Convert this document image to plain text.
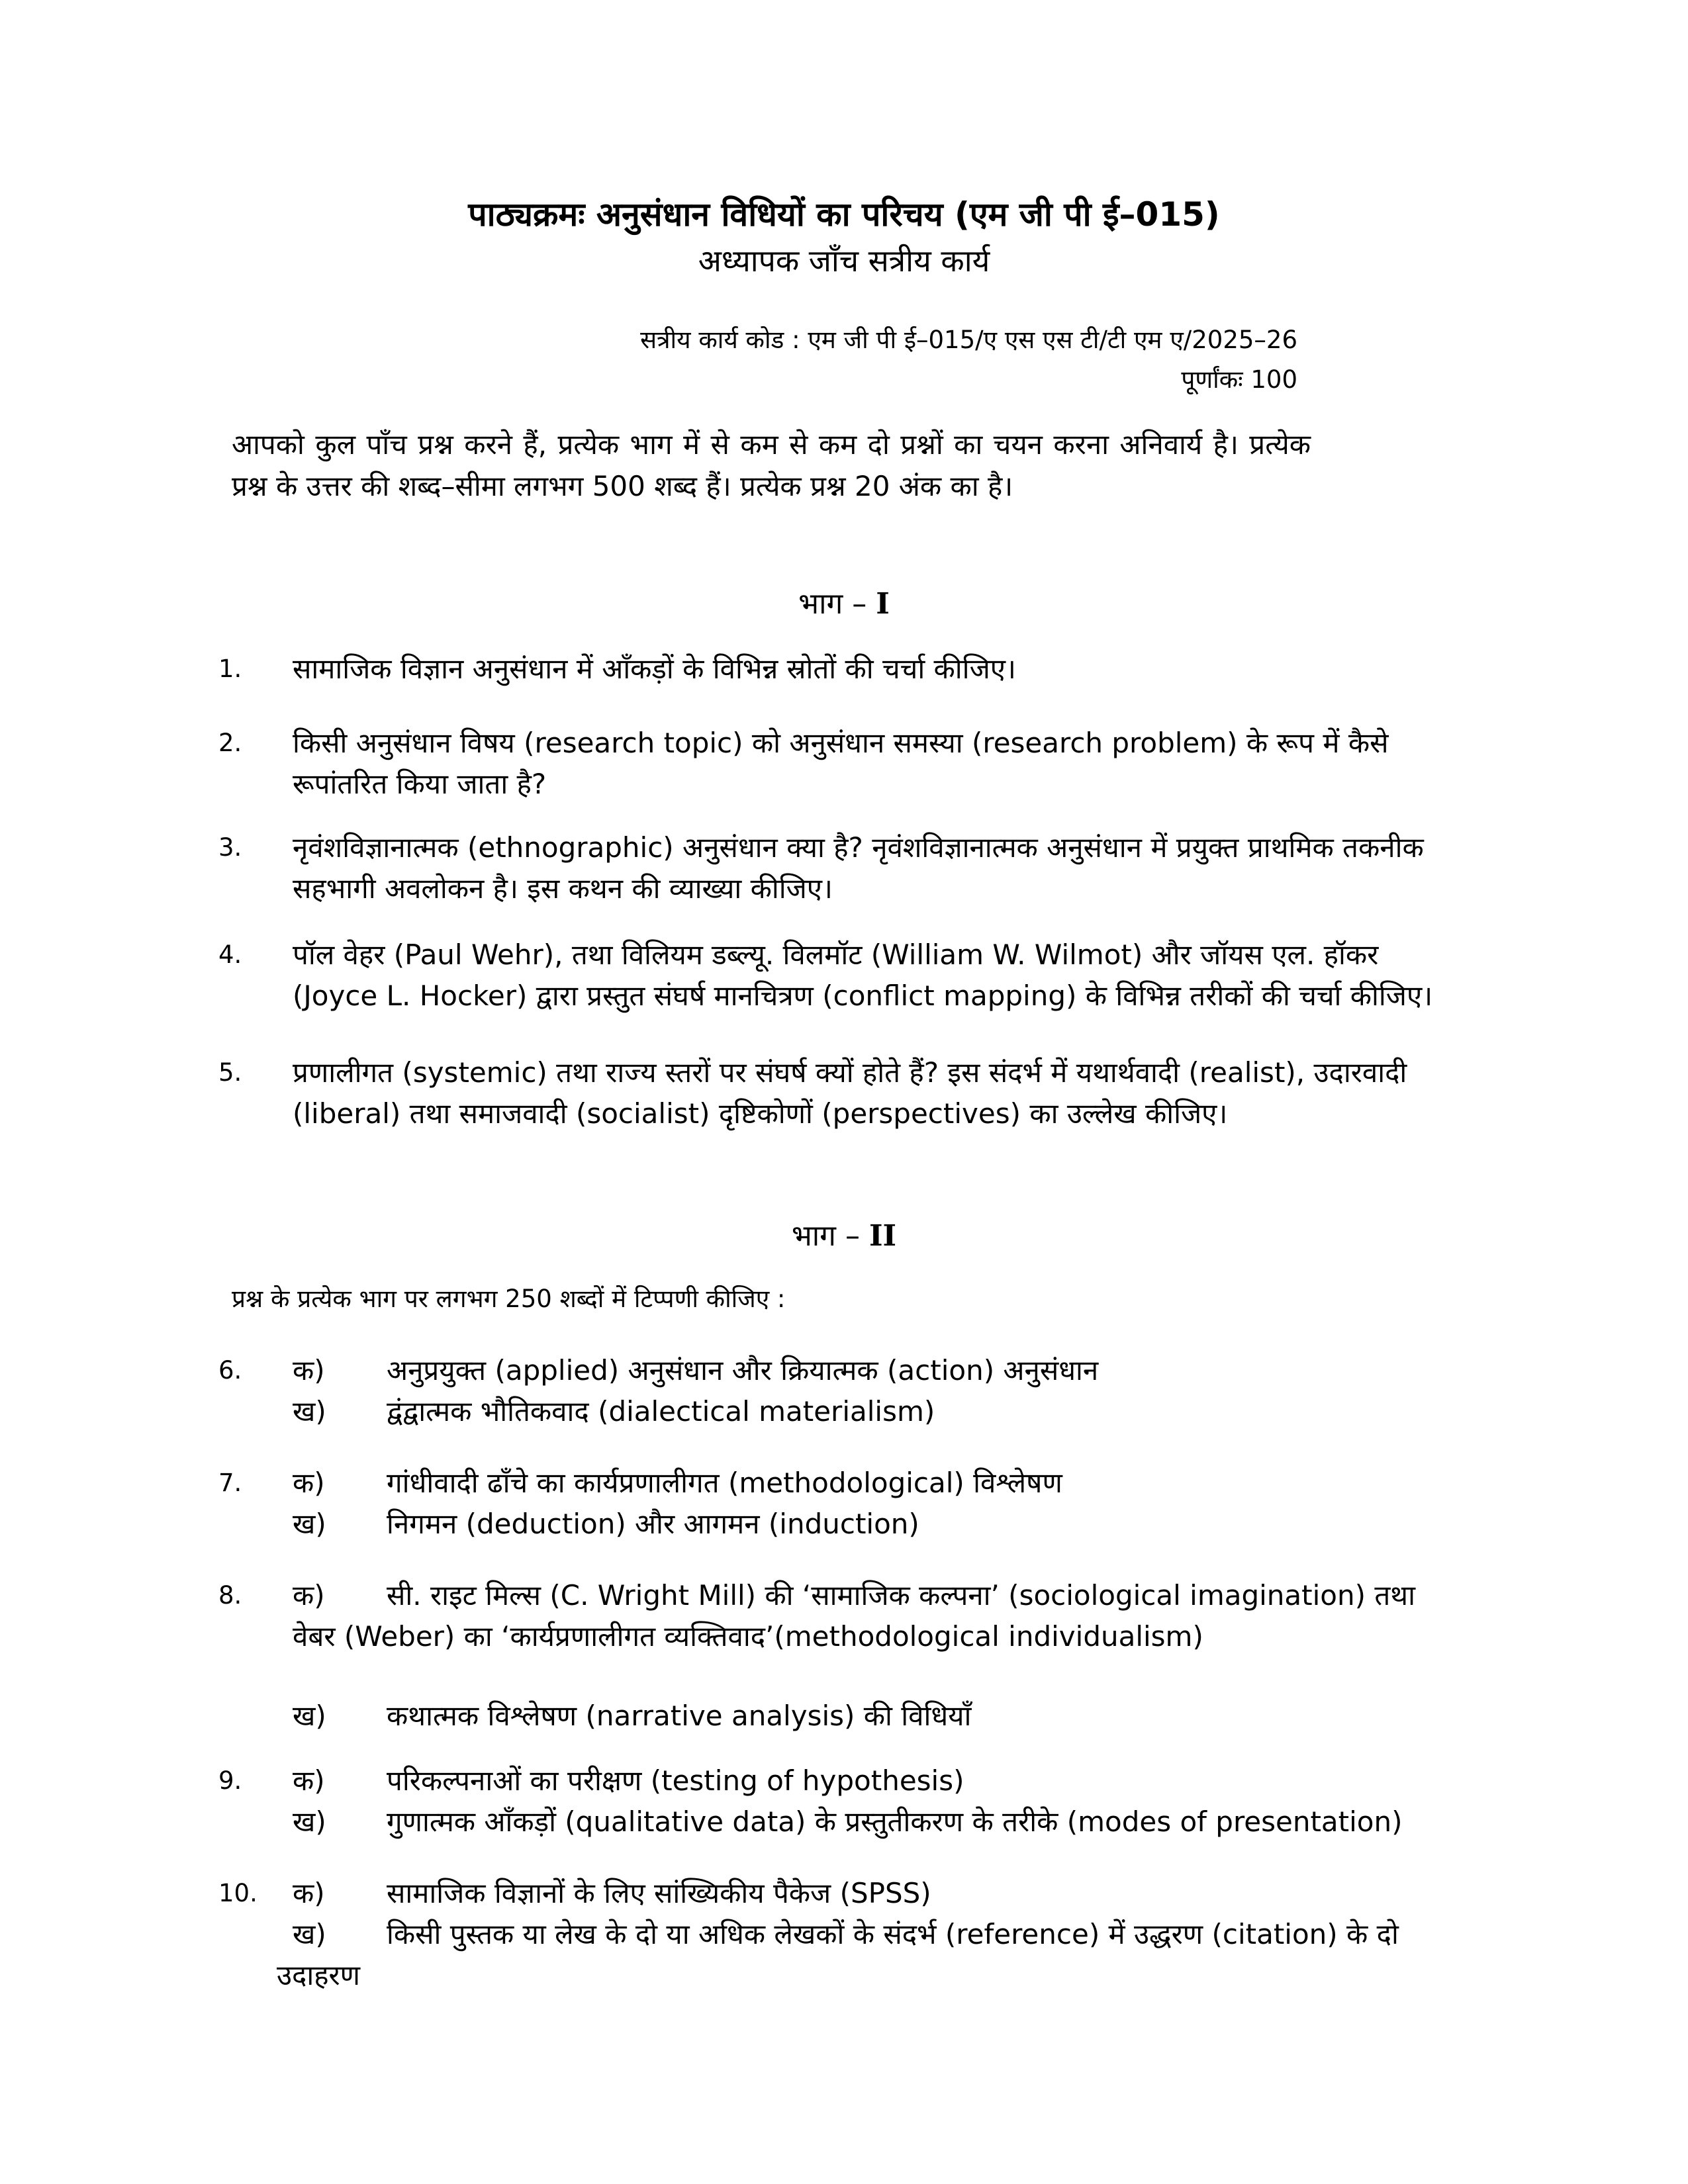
पाठ्यक्रमः अनुसंधान विधियों का परिचय (एम जी पी ई–015)
अध्यापक जाँच सत्रीय कार्य
सत्रीय कार्य कोड : एम जी पी ई–015/ए एस एस टी/टी एम ए/2025–26
पूर्णांकः 100
आपको कुल पाँच प्रश्न करने हैं, प्रत्येक भाग में से कम से कम दो प्रश्नों का चयन करना अनिवार्य है। प्रत्येक प्रश्न के उत्तर की शब्द–सीमा लगभग 500 शब्द हैं। प्रत्येक प्रश्न 20 अंक का है।
भाग – I
1. सामाजिक विज्ञान अनुसंधान में आँकड़ों के विभिन्न स्रोतों की चर्चा कीजिए।
2. किसी अनुसंधान विषय (research topic) को अनुसंधान समस्या (research problem) के रूप में कैसे रूपांतरित किया जाता है?
3. नृवंशविज्ञानात्मक (ethnographic) अनुसंधान क्या है? नृवंशविज्ञानात्मक अनुसंधान में प्रयुक्त प्राथमिक तकनीक सहभागी अवलोकन है। इस कथन की व्याख्या कीजिए।
4. पॉल वेहर (Paul Wehr), तथा विलियम डब्ल्यू. विलमॉट (William W. Wilmot) और जॉयस एल. हॉकर (Joyce L. Hocker) द्वारा प्रस्तुत संघर्ष मानचित्रण (conflict mapping) के विभिन्न तरीकों की चर्चा कीजिए।
5. प्रणालीगत (systemic) तथा राज्य स्तरों पर संघर्ष क्यों होते हैं? इस संदर्भ में यथार्थवादी (realist), उदारवादी (liberal) तथा समाजवादी (socialist) दृष्टिकोणों (perspectives) का उल्लेख कीजिए।
भाग – II
प्रश्न के प्रत्येक भाग पर लगभग 250 शब्दों में टिप्पणी कीजिए :
6. क) अनुप्रयुक्त (applied) अनुसंधान और क्रियात्मक (action) अनुसंधान
ख) द्वंद्वात्मक भौतिकवाद (dialectical materialism)
7. क) गांधीवादी ढाँचे का कार्यप्रणालीगत (methodological) विश्लेषण
ख) निगमन (deduction) और आगमन (induction)
8. क) सी. राइट मिल्स (C. Wright Mill) की ‘सामाजिक कल्पना’ (sociological imagination) तथा
वेबर (Weber) का ‘कार्यप्रणालीगत व्यक्तिवाद’(methodological individualism)
ख) कथात्मक विश्लेषण (narrative analysis) की विधियाँ
9. क) परिकल्पनाओं का परीक्षण (testing of hypothesis)
ख) गुणात्मक आँकड़ों (qualitative data) के प्रस्तुतीकरण के तरीके (modes of presentation)
10. क) सामाजिक विज्ञानों के लिए सांख्यिकीय पैकेज (SPSS)
ख) किसी पुस्तक या लेख के दो या अधिक लेखकों के संदर्भ (reference) में उद्धरण (citation) के दो
उदाहरण
